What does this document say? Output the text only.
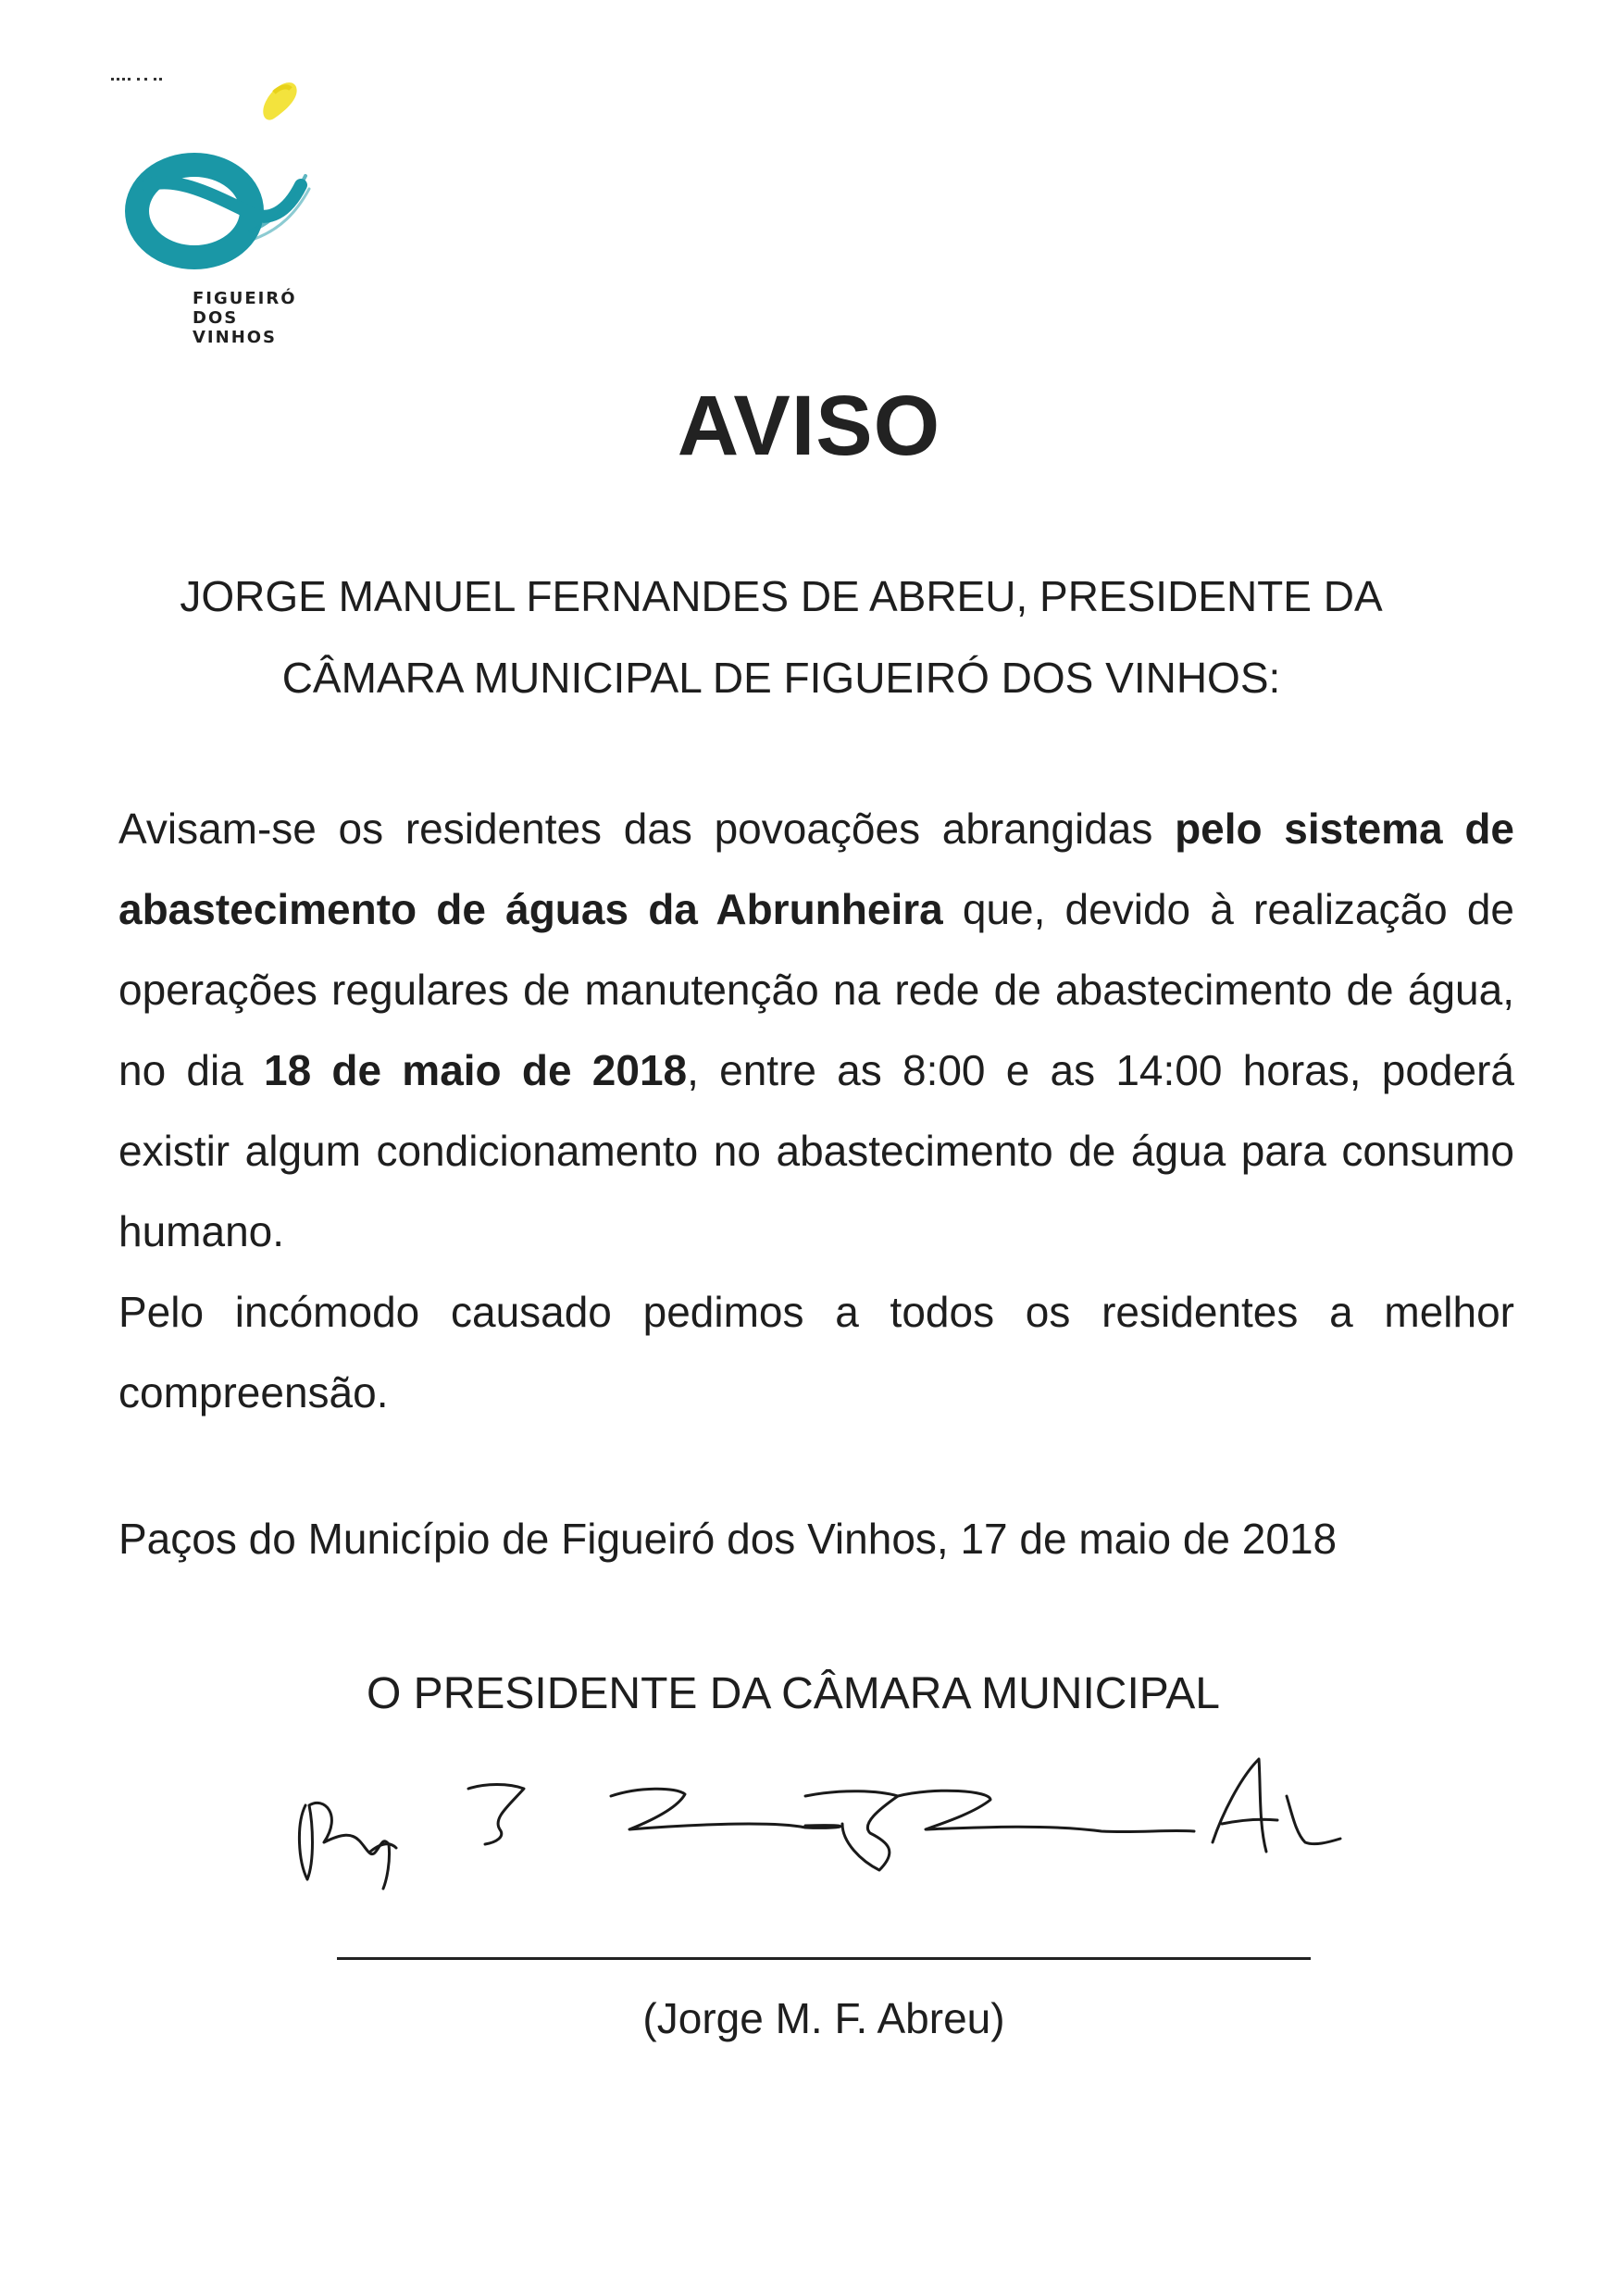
FIGUEIRÓ
DOS
VINHOS
AVISO
JORGE MANUEL FERNANDES DE ABREU, PRESIDENTE DA
CÂMARA MUNICIPAL DE FIGUEIRÓ DOS VINHOS:

Avisam-se os residentes das povoações abrangidas pelo sistema de abastecimento de águas da Abrunheira que, devido à realização de operações regulares de manutenção na rede de abastecimento de água, no dia 18 de maio de 2018, entre as 8:00 e as 14:00 horas, poderá existir algum condicionamento no abastecimento de água para consumo humano.

Pelo incómodo causado pedimos a todos os residentes a melhor compreensão.

Paços do Município de Figueiró dos Vinhos, 17 de maio de 2018
O PRESIDENTE DA CÂMARA MUNICIPAL
(Jorge M. F. Abreu)
